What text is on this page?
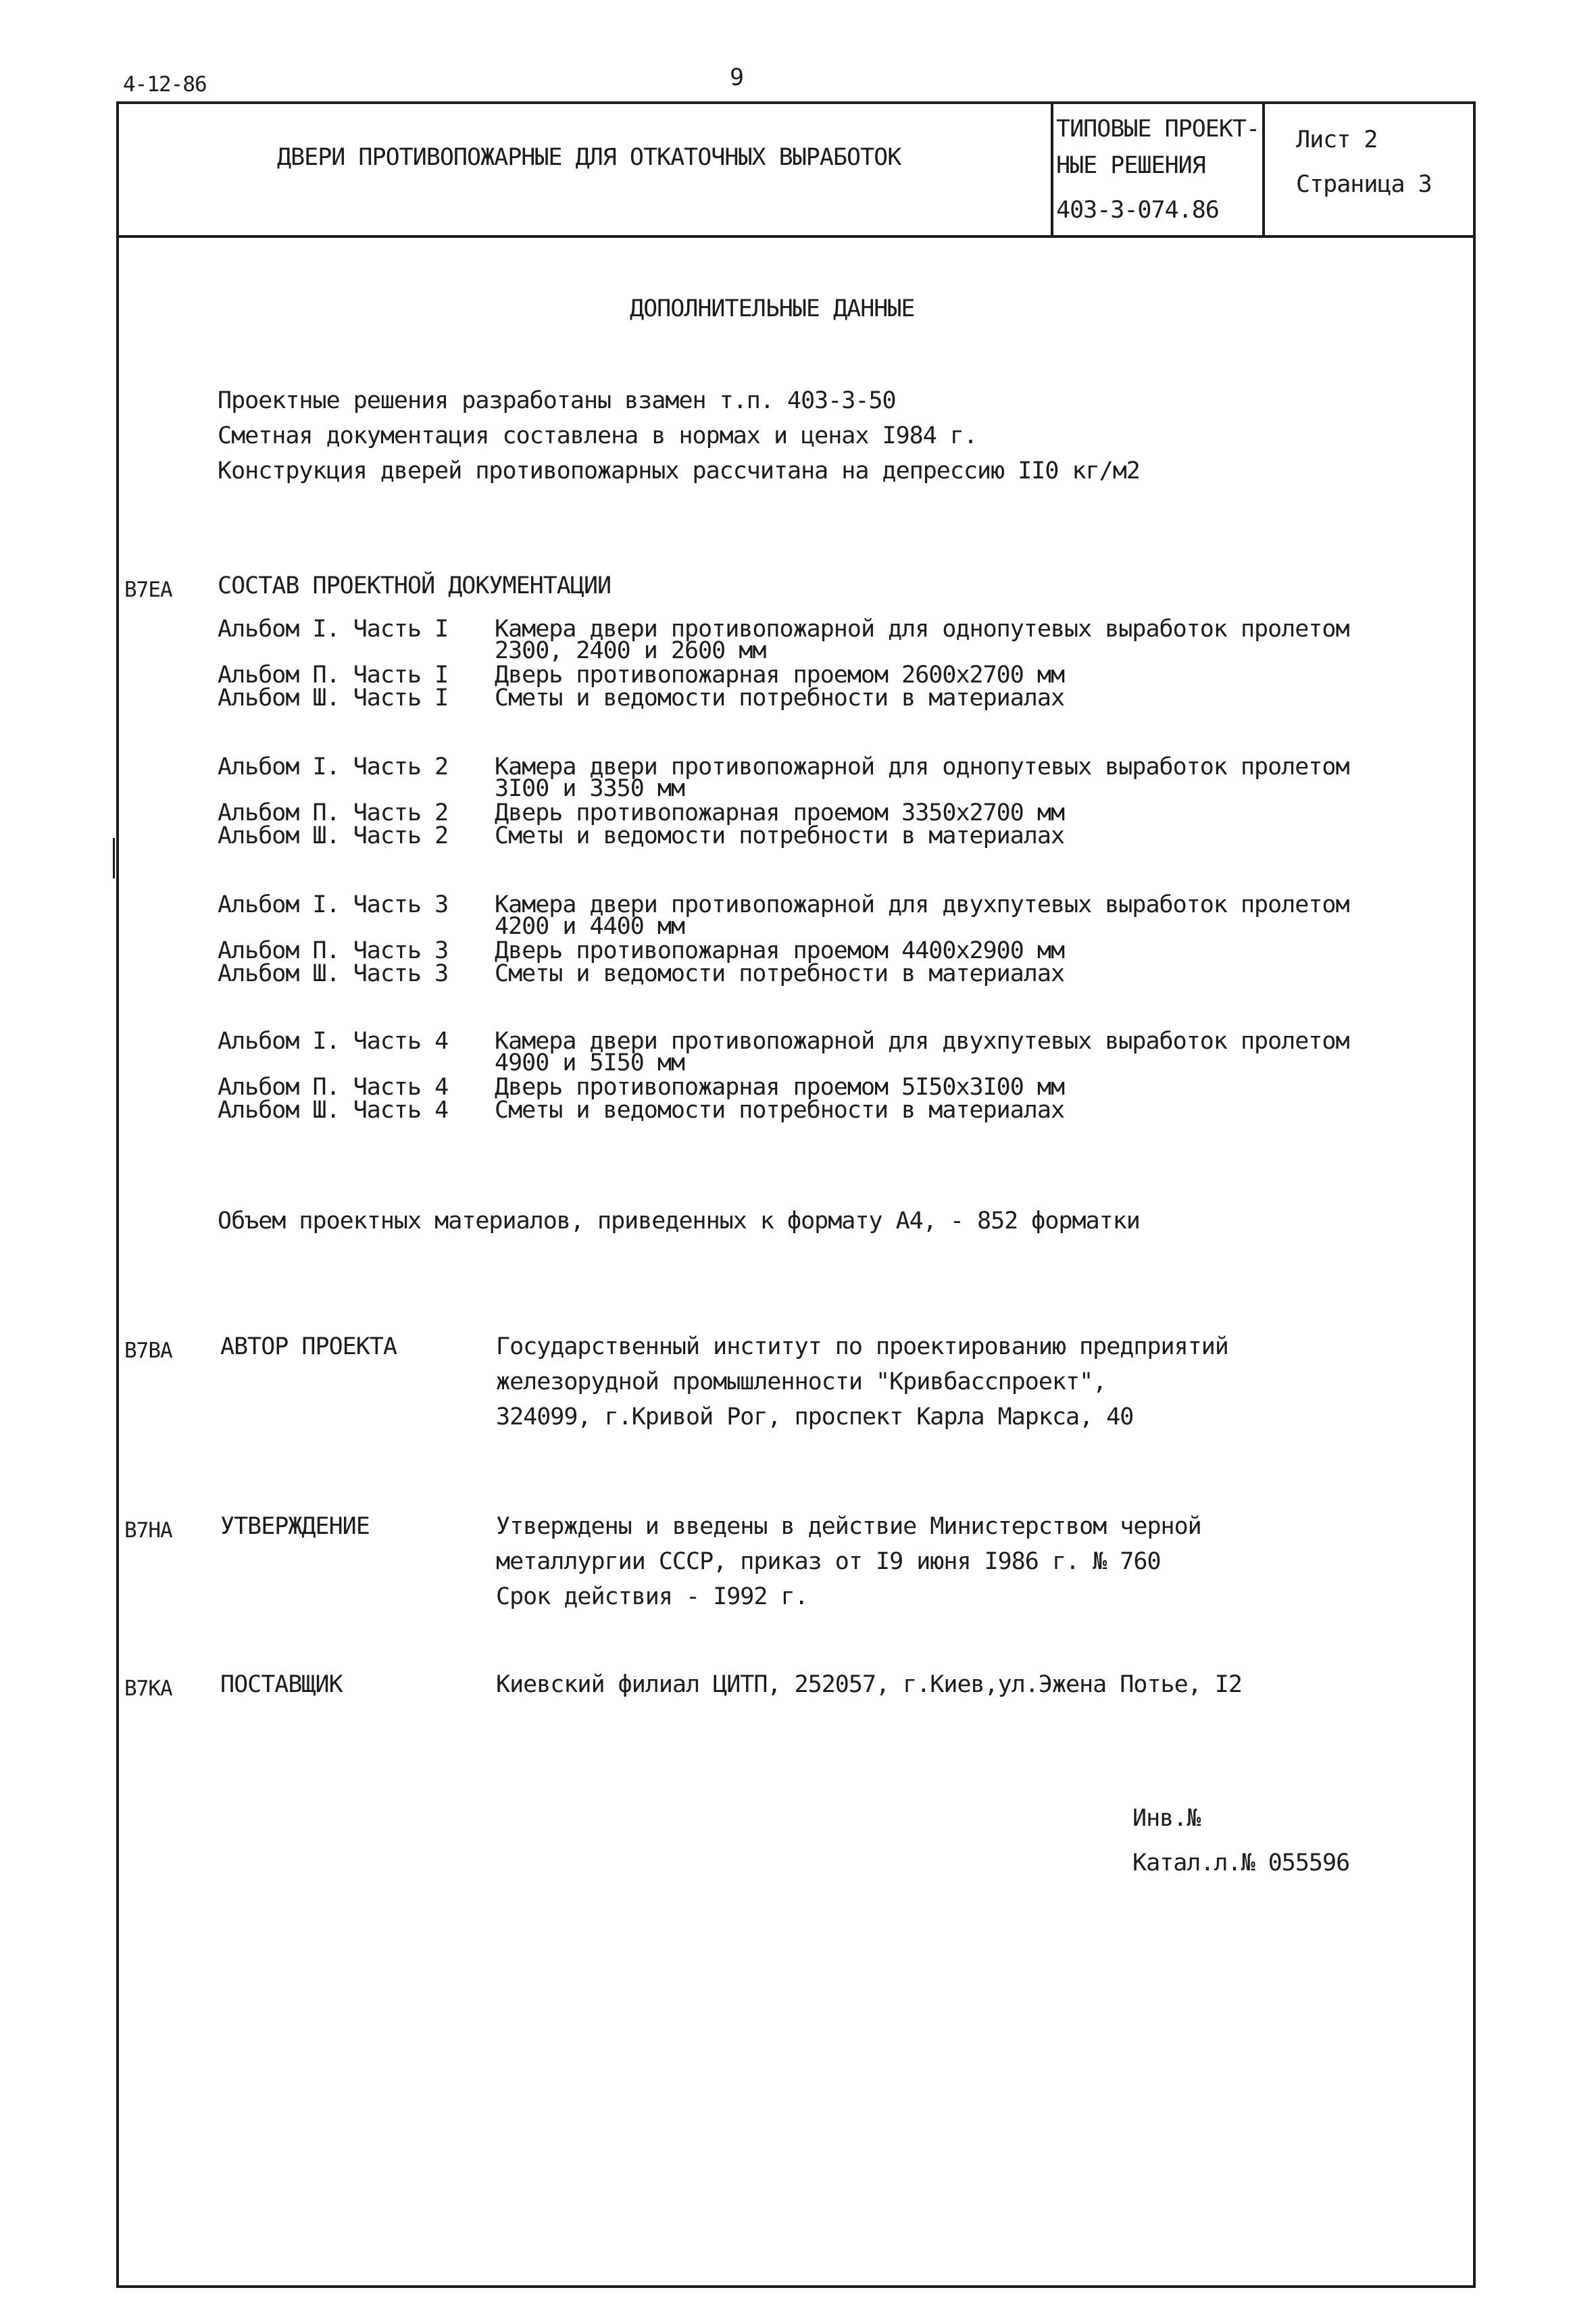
4-12-86	9
ДВЕРИ ПРОТИВОПОЖАРНЫЕ ДЛЯ ОТКАТОЧНЫХ ВЫРАБОТОК
ТИПОВЫЕ ПРОЕКТ-
НЫЕ РЕШЕНИЯ
403-3-074.86
Лист 2
Страница 3
ДОПОЛНИТЕЛЬНЫЕ ДАННЫЕ
Проектные решения разработаны взамен т.п. 403-3-50
Сметная документация составлена в нормах и ценах I984 г.
Конструкция дверей противопожарных рассчитана на депрессию II0 кг/м2
В7ЕА СОСТАВ ПРОЕКТНОЙ ДОКУМЕНТАЦИИ
Альбом I. Часть I Камера двери противопожарной для однопутевых выработок пролетом
2300, 2400 и 2600 мм
Альбом П. Часть I Дверь противопожарная проемом 2600х2700 мм
Альбом Ш. Часть I Сметы и ведомости потребности в материалах
Альбом I. Часть 2 Камера двери противопожарной для однопутевых выработок пролетом
3I00 и 3350 мм
Альбом П. Часть 2 Дверь противопожарная проемом 3350х2700 мм
Альбом Ш. Часть 2 Сметы и ведомости потребности в материалах
Альбом I. Часть 3 Камера двери противопожарной для двухпутевых выработок пролетом
4200 и 4400 мм
Альбом П. Часть 3 Дверь противопожарная проемом 4400х2900 мм
Альбом Ш. Часть 3 Сметы и ведомости потребности в материалах
Альбом I. Часть 4 Камера двери противопожарной для двухпутевых выработок пролетом
4900 и 5I50 мм
Альбом П. Часть 4 Дверь противопожарная проемом 5I50х3I00 мм
Альбом Ш. Часть 4 Сметы и ведомости потребности в материалах
Объем проектных материалов, приведенных к формату А4, - 852 форматки
В7ВА АВТОР ПРОЕКТА	Государственный институт по проектированию предприятий
железорудной промышленности "Кривбасспроект",
324099, г.Кривой Рог, проспект Карла Маркса, 40
В7НА УТВЕРЖДЕНИЕ	Утверждены и введены в действие Министерством черной
металлургии СССР, приказ от I9 июня I986 г. № 760
Срок действия - I992 г.
В7КА ПОСТАВЩИК	Киевский филиал ЦИТП, 252057, г.Киев,ул.Эжена Потье, I2
Инв.№
Катал.л.№ 055596
